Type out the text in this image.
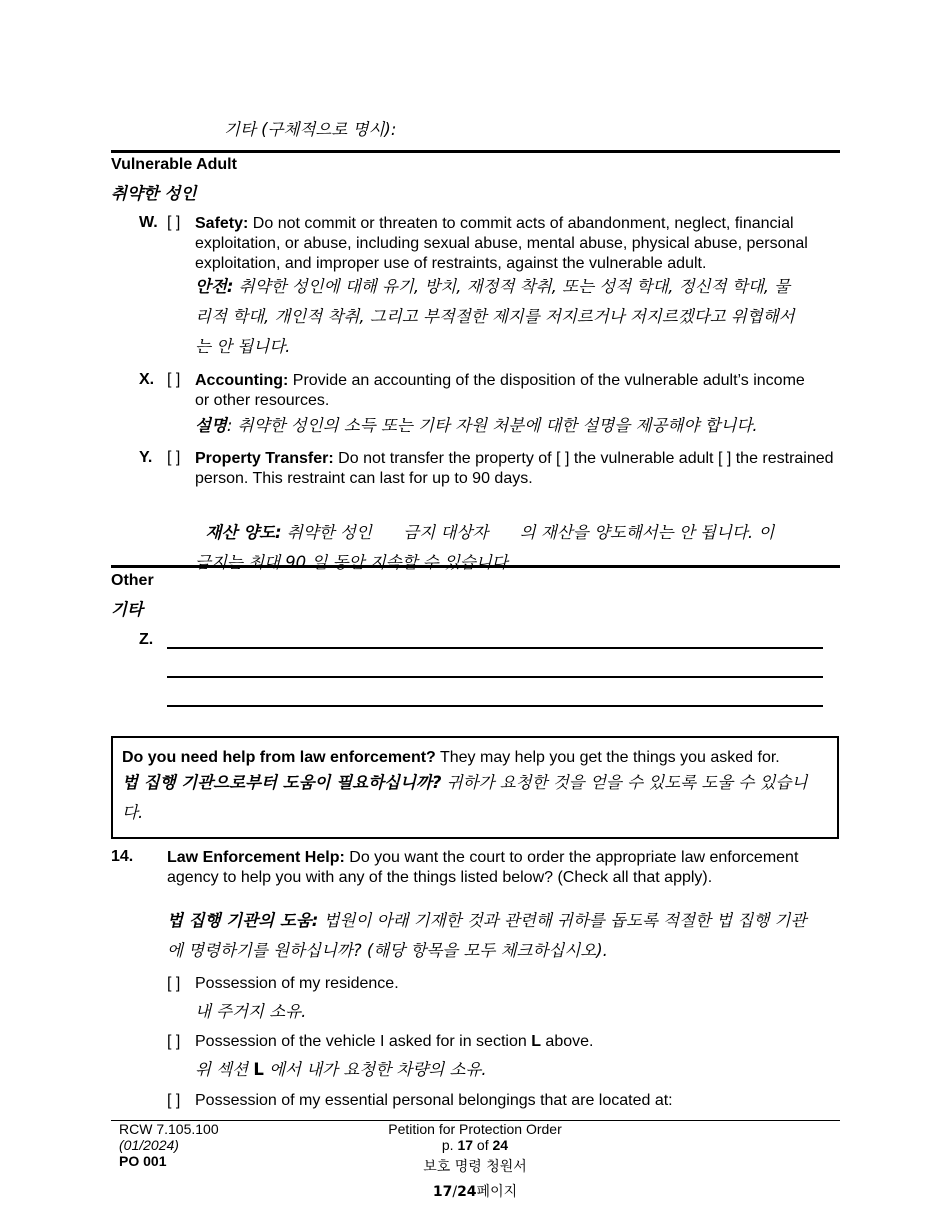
기타 (구체적으로 명시):
Vulnerable Adult
취약한 성인
W. [ ] Safety: Do not commit or threaten to commit acts of abandonment, neglect, financial exploitation, or abuse, including sexual abuse, mental abuse, physical abuse, personal exploitation, and improper use of restraints, against the vulnerable adult.
안전: 취약한 성인에 대해 유기, 방치, 재정적 착취, 또는 성적 학대, 정신적 학대, 물리적 학대, 개인적 착취, 그리고 부적절한 제지를 저지르거나 저지르겠다고 위협해서는 안 됩니다.
X. [ ] Accounting: Provide an accounting of the disposition of the vulnerable adult’s income or other resources.
설명: 취약한 성인의 소득 또는 기타 자원 처분에 대한 설명을 제공해야 합니다.
Y. [ ] Property Transfer: Do not transfer the property of [ ] the vulnerable adult [ ] the restrained person. This restraint can last for up to 90 days.

재산 양도: 취약한 성인      금지 대상자      의 재산을 양도해서는 안 됩니다. 이 금지는 최대 90 일 동안 지속할 수 있습니다.

Other
기타
Z.
Do you need help from law enforcement? They may help you get the things you asked for.
법 집행 기관으로부터 도움이 필요하십니까? 귀하가 요청한 것을 얻을 수 있도록 도울 수 있습니다.
14. Law Enforcement Help: Do you want the court to order the appropriate law enforcement agency to help you with any of the things listed below? (Check all that apply).
법 집행 기관의 도움: 법원이 아래 기재한 것과 관련해 귀하를 돕도록 적절한 법 집행 기관에 명령하기를 원하십니까? (해당 항목을 모두 체크하십시오).
[ ] Possession of my residence.
내 주거지 소유.
[ ] Possession of the vehicle I asked for in section L above.
위 섹션 L 에서 내가 요청한 차량의 소유.
[ ] Possession of my essential personal belongings that are located at:
RCW 7.105.100
(01/2024)
PO 001
Petition for Protection Order
p. 17 of 24
보호 명령 청원서
17/24페이지
